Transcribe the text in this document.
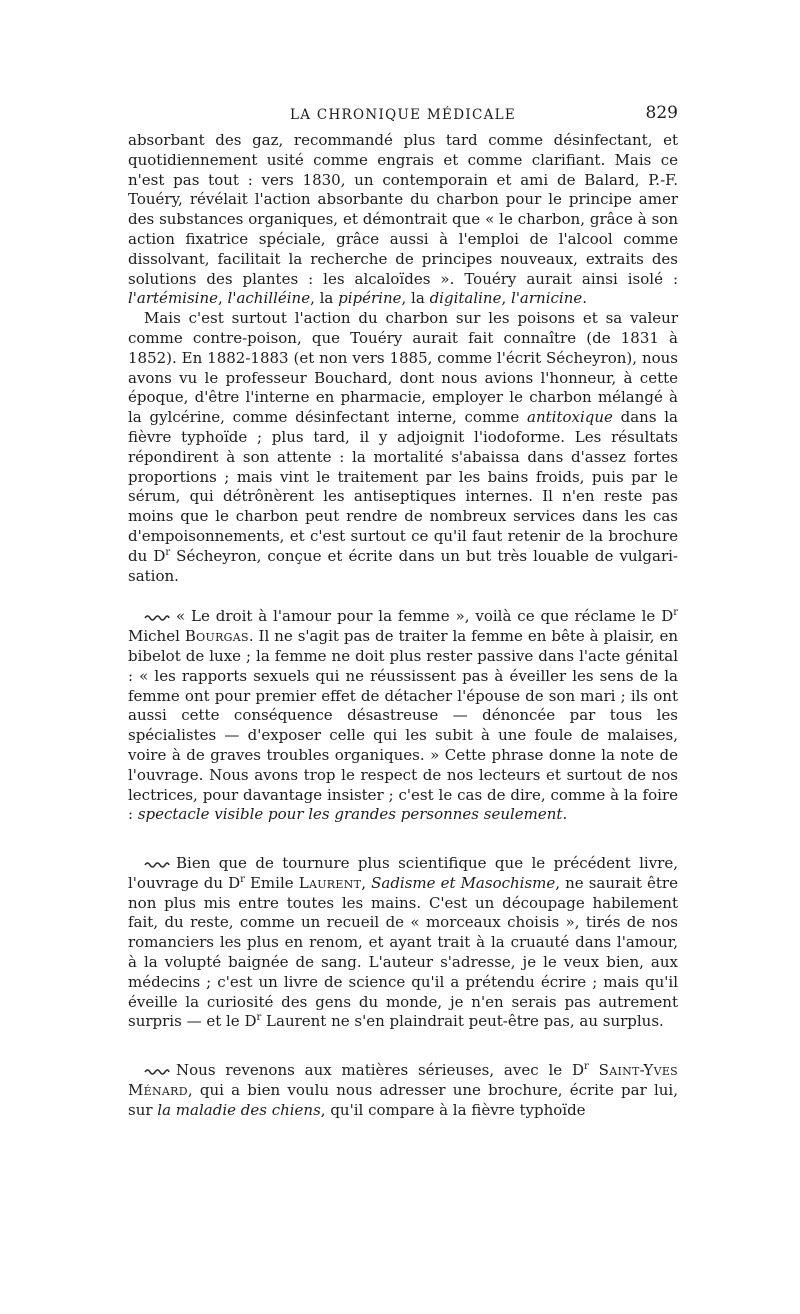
LA CHRONIQUE MÉDICALE	829

absorbant des gaz, recommandé plus tard comme désinfectant, et quotidiennement usité comme engrais et comme clarifiant. Mais ce n'est pas tout : vers 1830, un contemporain et ami de Balard, P.-F. Touéry, révélait l'action absorbante du charbon pour le principe amer des substances organiques, et démontrait que « le charbon, grâce à son action fixatrice spéciale, grâce aussi à l'emploi de l'alcool comme dissolvant, facilitait la recherche de principes nouveaux, extraits des solutions des plantes : les alcaloïdes ». Touéry aurait ainsi isolé : l'artémisine, l'achilléine, la pipérine, la digitaline, l'arnicine.

Mais c'est surtout l'action du charbon sur les poisons et sa valeur comme contre-poison, que Touéry aurait fait connaître (de 1831 à 1852). En 1882-1883 (et non vers 1885, comme l'écrit Sécheyron), nous avons vu le professeur Bouchard, dont nous avions l'honneur, à cette époque, d'être l'interne en pharmacie, employer le charbon mélangé à la gylcérine, comme désinfectant interne, comme antitoxique dans la fièvre typhoïde ; plus tard, il y adjoignit l'iodoforme. Les résultats répondirent à son attente : la mortalité s'abaissa dans d'assez fortes proportions ; mais vint le traitement par les bains froids, puis par le sérum, qui détrônèrent les antiseptiques internes. Il n'en reste pas moins que le charbon peut rendre de nombreux services dans les cas d'empoisonnements, et c'est surtout ce qu'il faut retenir de la brochure du $D^r$ Sécheyron, conçue et écrite dans un but très louable de vulgarisation.

« Le droit à l'amour pour la femme », voilà ce que réclame le $D^r$ Michel Bourgas. Il ne s'agit pas de traiter la femme en bête à plaisir, en bibelot de luxe ; la femme ne doit plus rester passive dans l'acte génital : « les rapports sexuels qui ne réussissent pas à éveiller les sens de la femme ont pour premier effet de détacher l'épouse de son mari ; ils ont aussi cette conséquence désastreuse — dénoncée par tous les spécialistes — d'exposer celle qui les subit à une foule de malaises, voire à de graves troubles organiques. » Cette phrase donne la note de l'ouvrage. Nous avons trop le respect de nos lecteurs et surtout de nos lectrices, pour davantage insister ; c'est le cas de dire, comme à la foire : spectacle visible pour les grandes personnes seulement.

Bien que de tournure plus scientifique que le précédent livre, l'ouvrage du $D^r$ Emile Laurent, Sadisme et Masochisme, ne saurait être non plus mis entre toutes les mains. C'est un découpage habilement fait, du reste, comme un recueil de « morceaux choisis », tirés de nos romanciers les plus en renom, et ayant trait à la cruauté dans l'amour, à la volupté baignée de sang. L'auteur s'adresse, je le veux bien, aux médecins ; c'est un livre de science qu'il a prétendu écrire ; mais qu'il éveille la curiosité des gens du monde, je n'en serais pas autrement surpris — et le $D^r$ Laurent ne s'en plaindrait peut-être pas, au surplus.

Nous revenons aux matières sérieuses, avec le $D^r$ Saint-Yves Ménard, qui a bien voulu nous adresser une brochure, écrite par lui, sur la maladie des chiens, qu'il compare à la fièvre typhoïde
